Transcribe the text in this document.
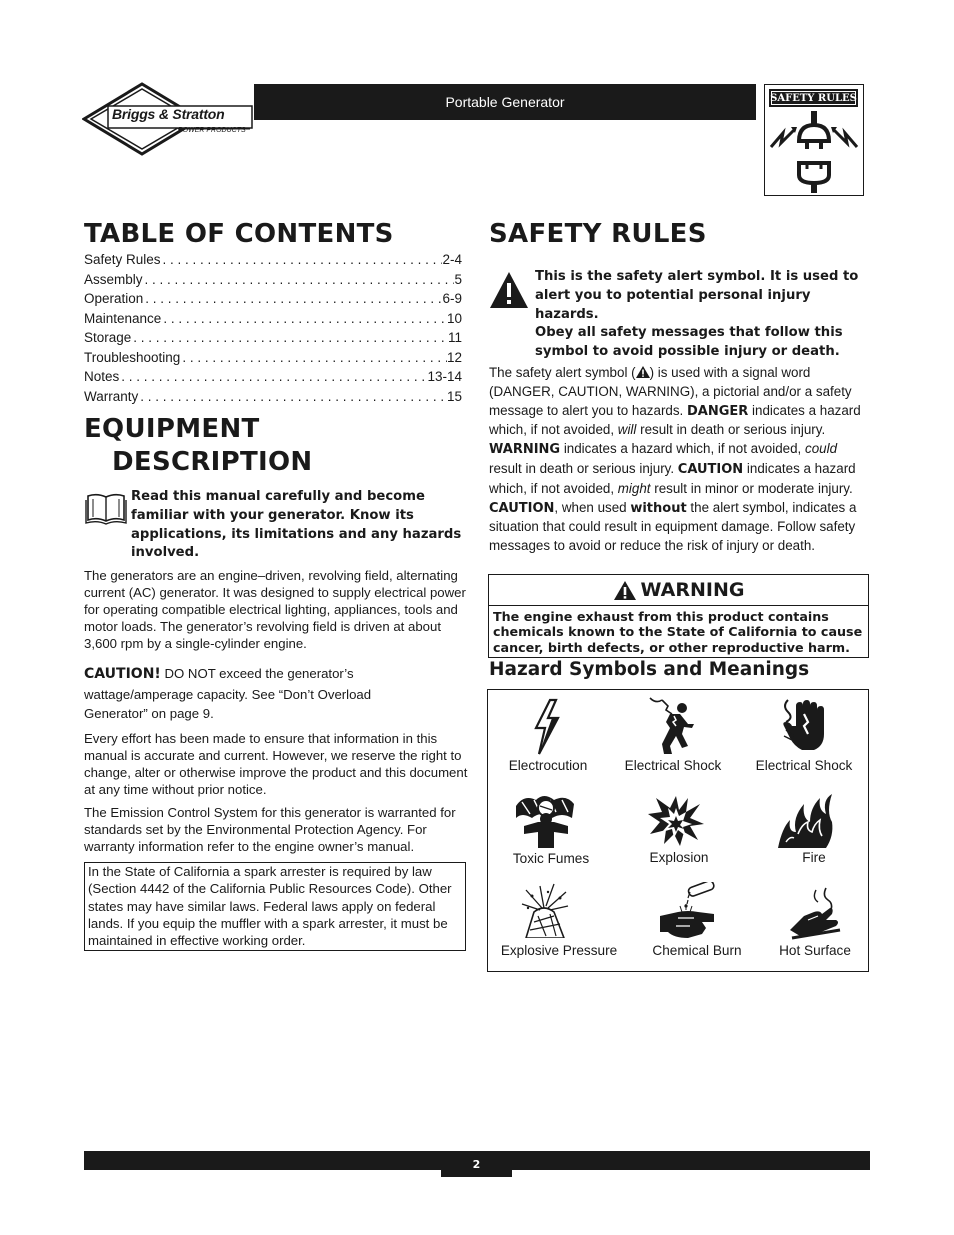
Briggs & Stratton
POWER PRODUCTS
Portable Generator	SAFETY RULES
TABLE OF CONTENTS
Safety Rules . . .	2-4
Assembly . . .	5
Operation . . .	6-9
Maintenance . . .	10
Storage . . .	11
Troubleshooting . . .	12
Notes . . .	13-14
Warranty . . .	15
EQUIPMENT
DESCRIPTION
Read this manual carefully and become
familiar with your generator. Know its
applications, its limitations and any hazards
involved.
The generators are an engine–driven, revolving field, alternating current (AC) generator. It was designed to supply electrical power for operating compatible electrical lighting, appliances, tools and motor loads. The generator’s revolving field is driven at about 3,600 rpm by a single-cylinder engine.
CAUTION! DO NOT exceed the generator’s wattage/amperage capacity. See “Don’t Overload Generator” on page 9.
Every effort has been made to ensure that information in this manual is accurate and current. However, we reserve the right to change, alter or otherwise improve the product and this document at any time without prior notice.
The Emission Control System for this generator is warranted for standards set by the Environmental Protection Agency. For warranty information refer to the engine owner’s manual.
In the State of California a spark arrester is required by law (Section 4442 of the California Public Resources Code). Other states may have similar laws. Federal laws apply on federal lands. If you equip the muffler with a spark arrester, it must be maintained in effective working order.
SAFETY RULES
This is the safety alert symbol. It is used to
alert you to potential personal injury hazards.
Obey all safety messages that follow this
symbol to avoid possible injury or death.
The safety alert symbol ( ) is used with a signal word (DANGER, CAUTION, WARNING), a pictorial and/or a safety message to alert you to hazards. DANGER indicates a hazard which, if not avoided, will result in death or serious injury. WARNING indicates a hazard which, if not avoided, could result in death or serious injury. CAUTION indicates a hazard which, if not avoided, might result in minor or moderate injury. CAUTION, when used without the alert symbol, indicates a situation that could result in equipment damage. Follow safety messages to avoid or reduce the risk of injury or death.
WARNING
The engine exhaust from this product contains
chemicals known to the State of California to cause
cancer, birth defects, or other reproductive harm.
Hazard Symbols and Meanings
Electrocution	Electrical Shock	Electrical Shock
Toxic Fumes	Explosion	Fire
Explosive Pressure	Chemical Burn	Hot Surface
2
